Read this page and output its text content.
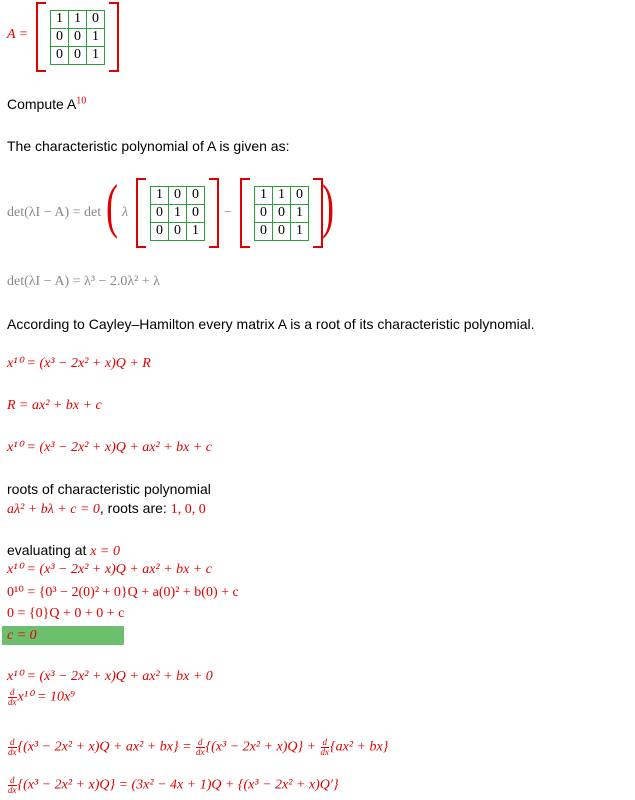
A =
1	1	0
0	0	1
0	0	1
Compute $A^{10}$
The characteristic polynomial of A is given as:
det(λI − A) = det ( λ
1	0	0
0	1	0
0	0	1
−
1	1	0
0	0	1
0	0	1 )
det(λI − A) = λ³ − 2.0λ² + λ
According to Cayley–Hamilton every matrix A is a root of its characteristic polynomial.
x¹⁰ = (x³ − 2x² + x)Q + R
R = ax² + bx + c
x¹⁰ = (x³ − 2x² + x)Q + ax² + bx + c
roots of characteristic polynomial
aλ² + bλ + c = 0, roots are: 1, 0, 0
evaluating at x = 0
x¹⁰ = (x³ − 2x² + x)Q + ax² + bx + c
0¹⁰ = {0³ − 2(0)² + 0}Q + a(0)² + b(0) + c
0 = {0}Q + 0 + 0 + c
c = 0
x¹⁰ = (x³ − 2x² + x)Q + ax² + bx + 0
$\frac{d}{dx} x^{10} = 10x^9$
$\frac{d}{dx} \{(x^3 - 2x^2 + x)Q + ax^2 + bx\} = \frac{d}{dx} \{(x^3 - 2x^2 + x)Q\} + \frac{d}{dx} \{ax^2 + bx\}$
$\frac{d}{dx} \{(x^3 - 2x^2 + x)Q\} = (3x^2 - 4x + 1)Q + \{(x^3 - 2x^2 + x)Q'\}$
